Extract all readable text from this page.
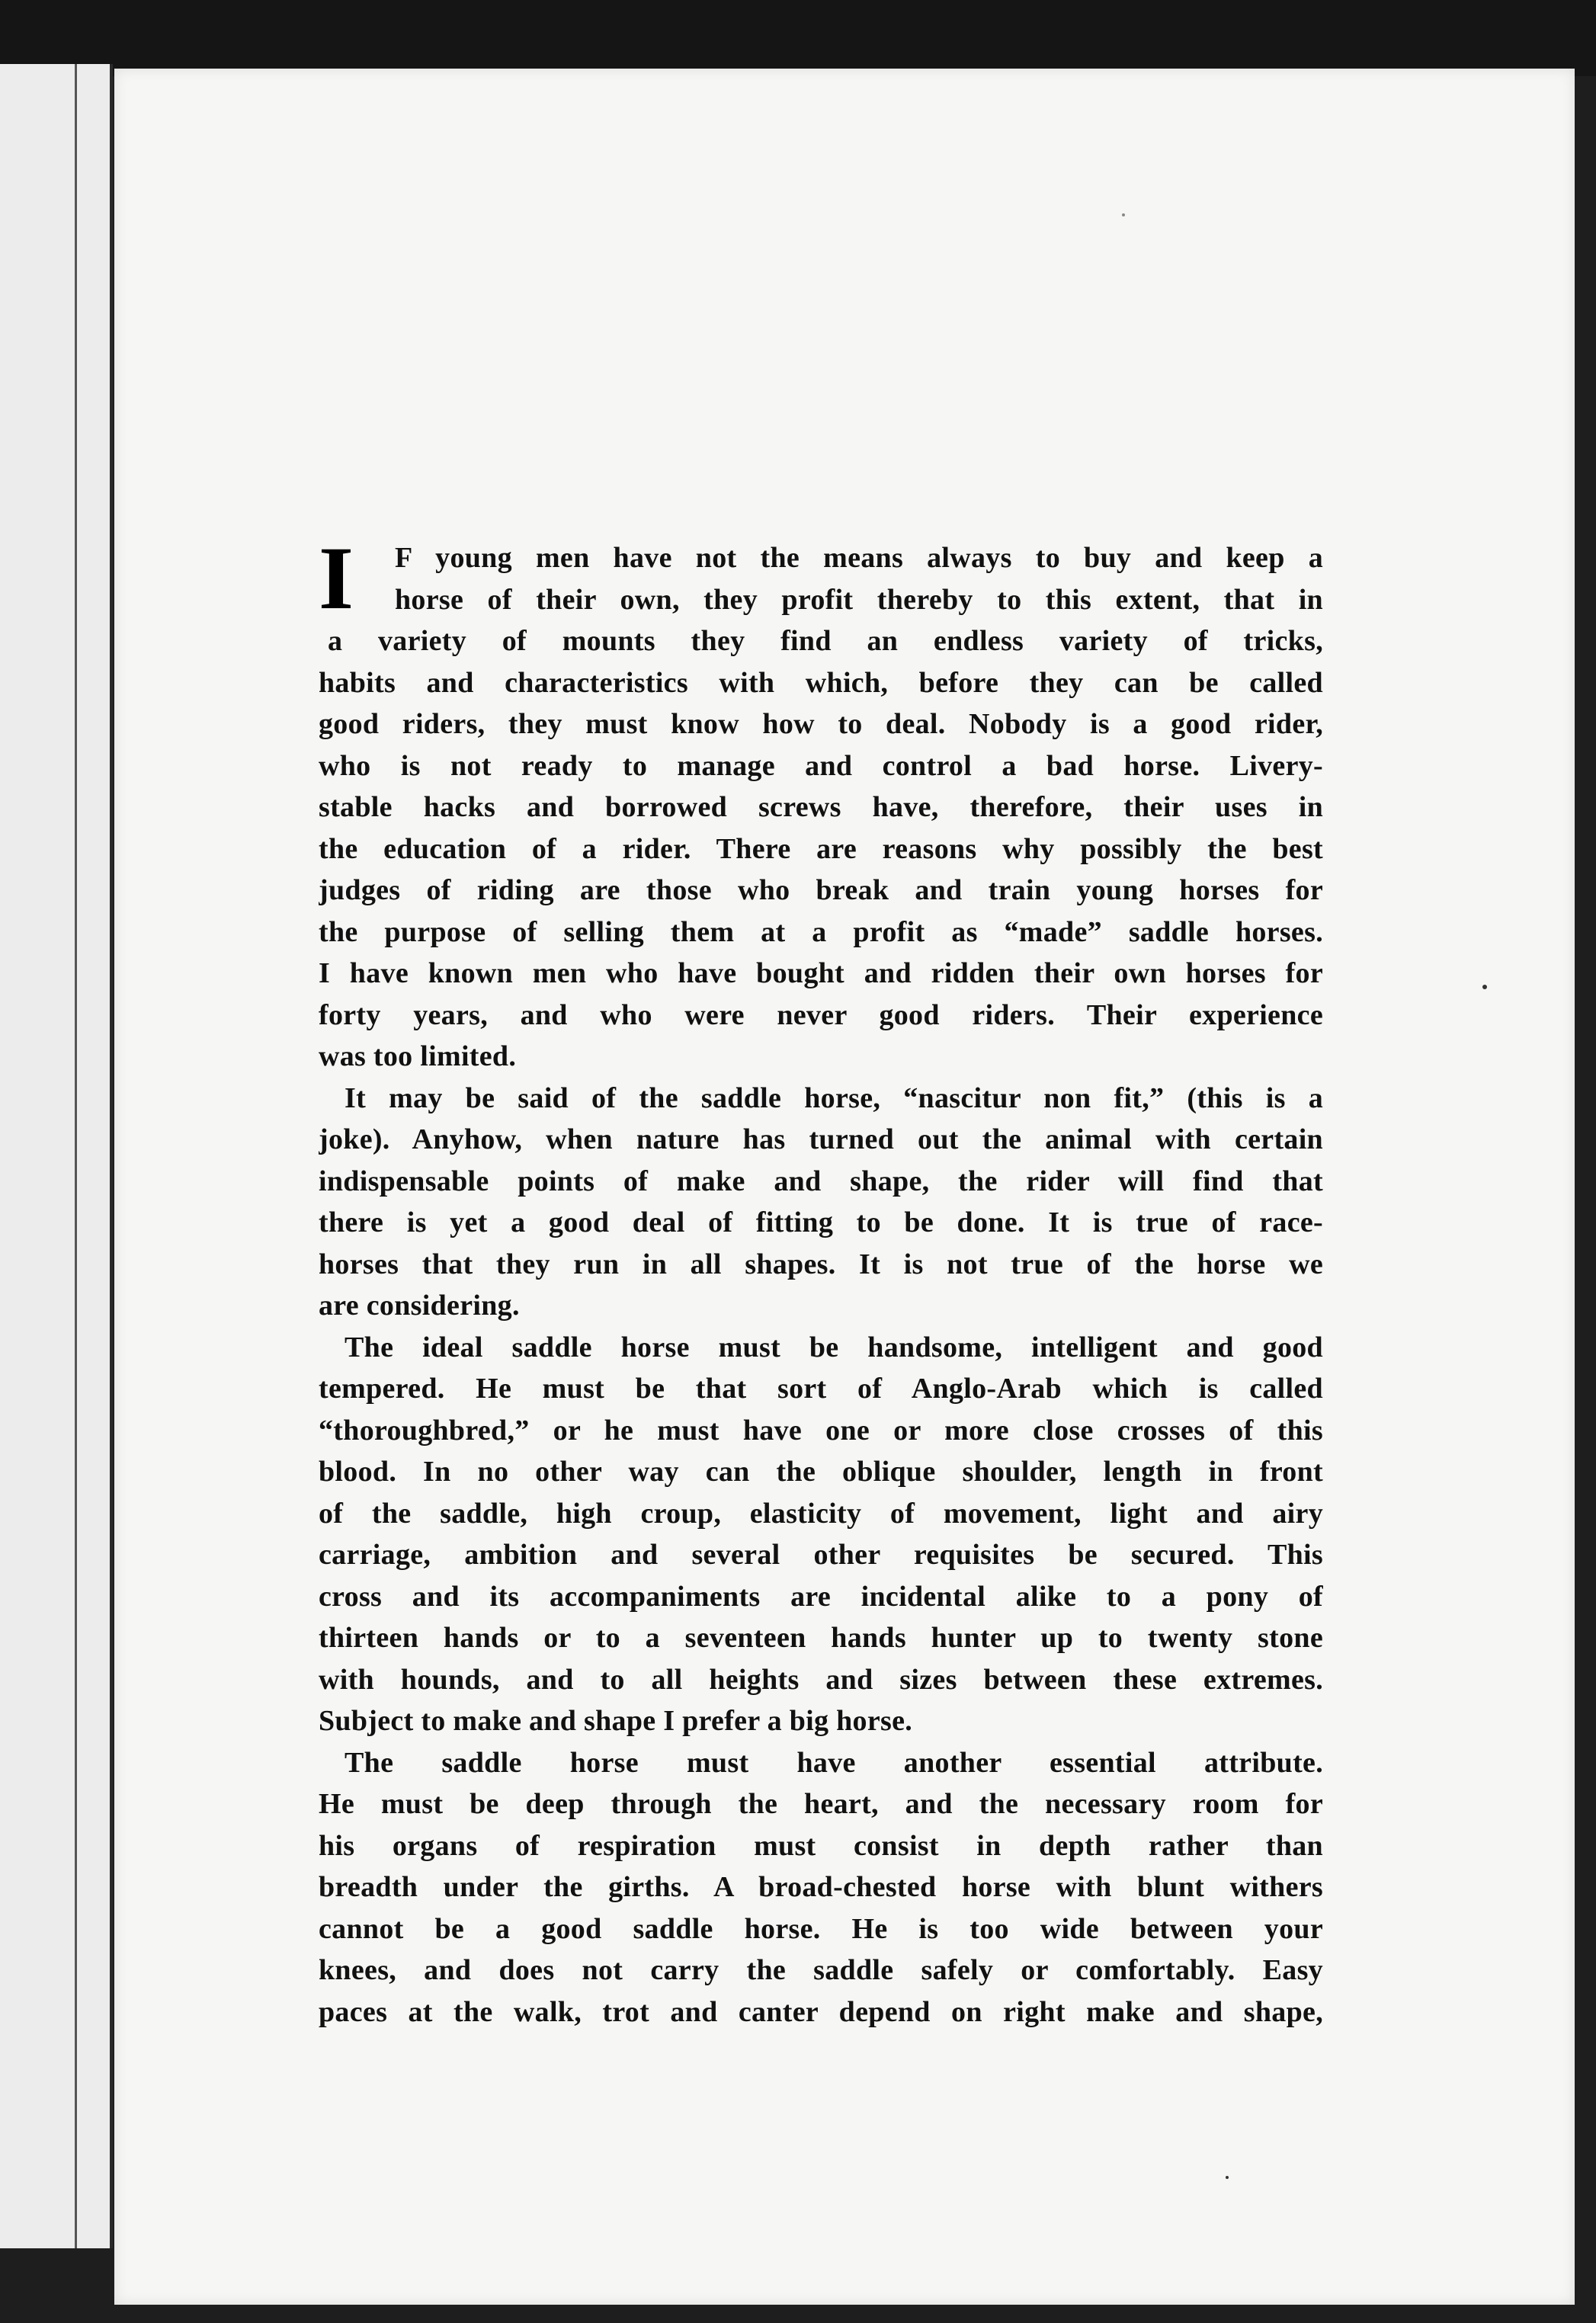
I	F young men have not the means always to buy and keep a
horse of their own, they profit thereby to this extent, that in
a variety of mounts they find an endless variety of tricks,
habits and characteristics with which, before they can be called
good riders, they must know how to deal. Nobody is a good rider,
who is not ready to manage and control a bad horse. Livery-
stable hacks and borrowed screws have, therefore, their uses in
the education of a rider. There are reasons why possibly the best
judges of riding are those who break and train young horses for
the purpose of selling them at a profit as “made” saddle horses.
I have known men who have bought and ridden their own horses for
forty years, and who were never good riders. Their experience
was too limited.
It may be said of the saddle horse, “nascitur non fit,” (this is a
joke). Anyhow, when nature has turned out the animal with certain
indispensable points of make and shape, the rider will find that
there is yet a good deal of fitting to be done. It is true of race-
horses that they run in all shapes. It is not true of the horse we
are considering.
The ideal saddle horse must be handsome, intelligent and good
tempered. He must be that sort of Anglo-Arab which is called
“thoroughbred,” or he must have one or more close crosses of this
blood. In no other way can the oblique shoulder, length in front
of the saddle, high croup, elasticity of movement, light and airy
carriage, ambition and several other requisites be secured. This
cross and its accompaniments are incidental alike to a pony of
thirteen hands or to a seventeen hands hunter up to twenty stone
with hounds, and to all heights and sizes between these extremes.
Subject to make and shape I prefer a big horse.
The saddle horse must have another essential attribute.
He must be deep through the heart, and the necessary room for
his organs of respiration must consist in depth rather than
breadth under the girths. A broad-chested horse with blunt withers
cannot be a good saddle horse. He is too wide between your
knees, and does not carry the saddle safely or comfortably. Easy
paces at the walk, trot and canter depend on right make and shape,
